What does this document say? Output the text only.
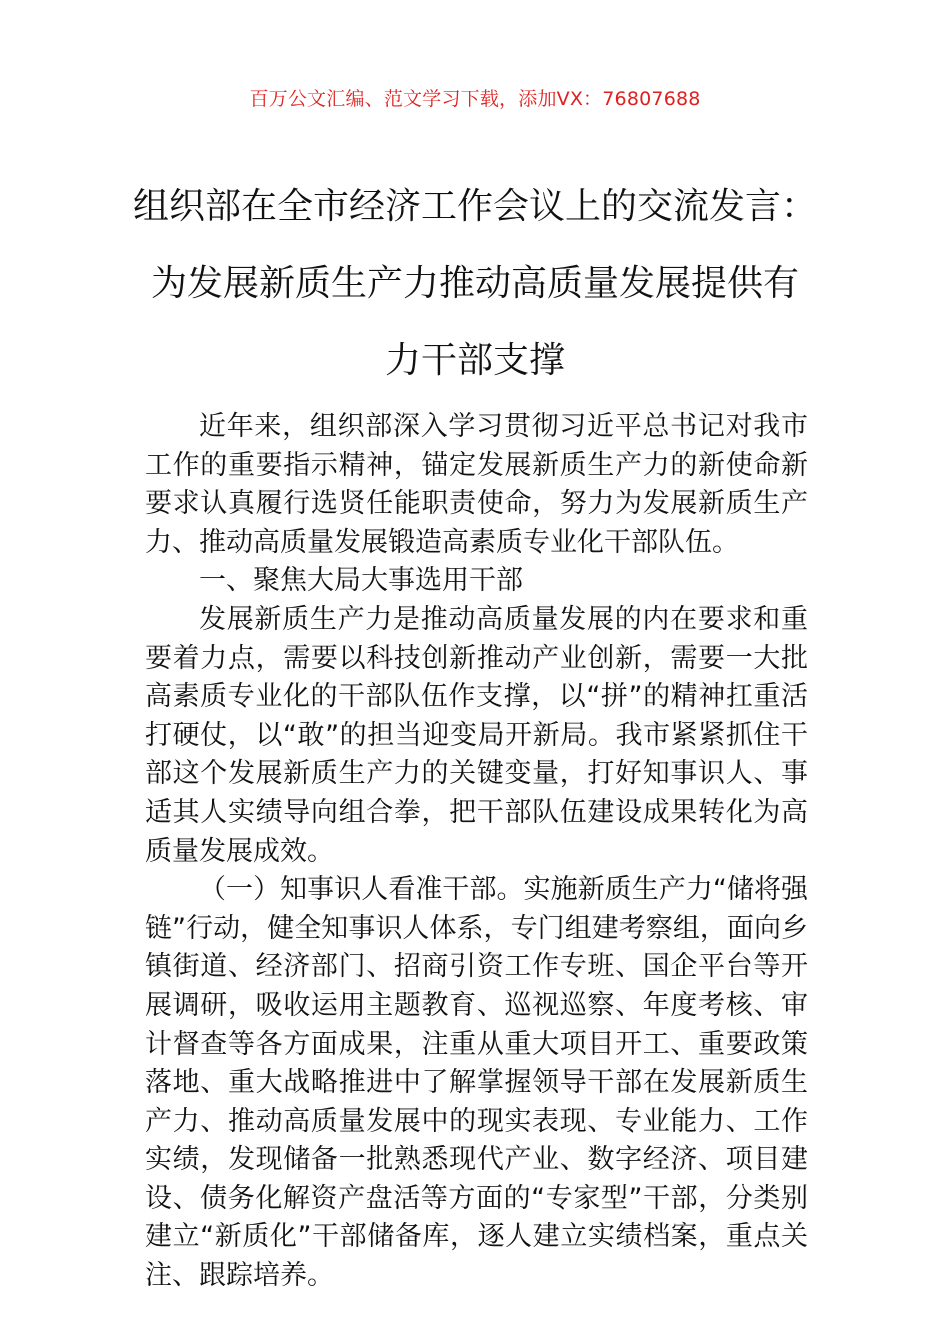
百万公文汇编、范文学习下载，添加VX：76807688
组织部在全市经济工作会议上的交流发言：
为发展新质生产力推动高质量发展提供有
力干部支撑

近年来，组织部深入学习贯彻习近平总书记对我市工作的重要指示精神，锚定发展新质生产力的新使命新要求认真履行选贤任能职责使命，努力为发展新质生产力、推动高质量发展锻造高素质专业化干部队伍。

一、聚焦大局大事选用干部

发展新质生产力是推动高质量发展的内在要求和重要着力点，需要以科技创新推动产业创新，需要一大批高素质专业化的干部队伍作支撑，以“拼”的精神扛重活打硬仗，以“敢”的担当迎变局开新局。我市紧紧抓住干部这个发展新质生产力的关键变量，打好知事识人、事适其人实绩导向组合拳，把干部队伍建设成果转化为高质量发展成效。

（一）知事识人看准干部。实施新质生产力“储将强链”行动，健全知事识人体系，专门组建考察组，面向乡镇街道、经济部门、招商引资工作专班、国企平台等开展调研，吸收运用主题教育、巡视巡察、年度考核、审计督查等各方面成果，注重从重大项目开工、重要政策落地、重大战略推进中了解掌握领导干部在发展新质生产力、推动高质量发展中的现实表现、专业能力、工作实绩，发现储备一批熟悉现代产业、数字经济、项目建设、债务化解资产盘活等方面的“专家型”干部，分类别建立“新质化”干部储备库，逐人建立实绩档案，重点关注、跟踪培养。
